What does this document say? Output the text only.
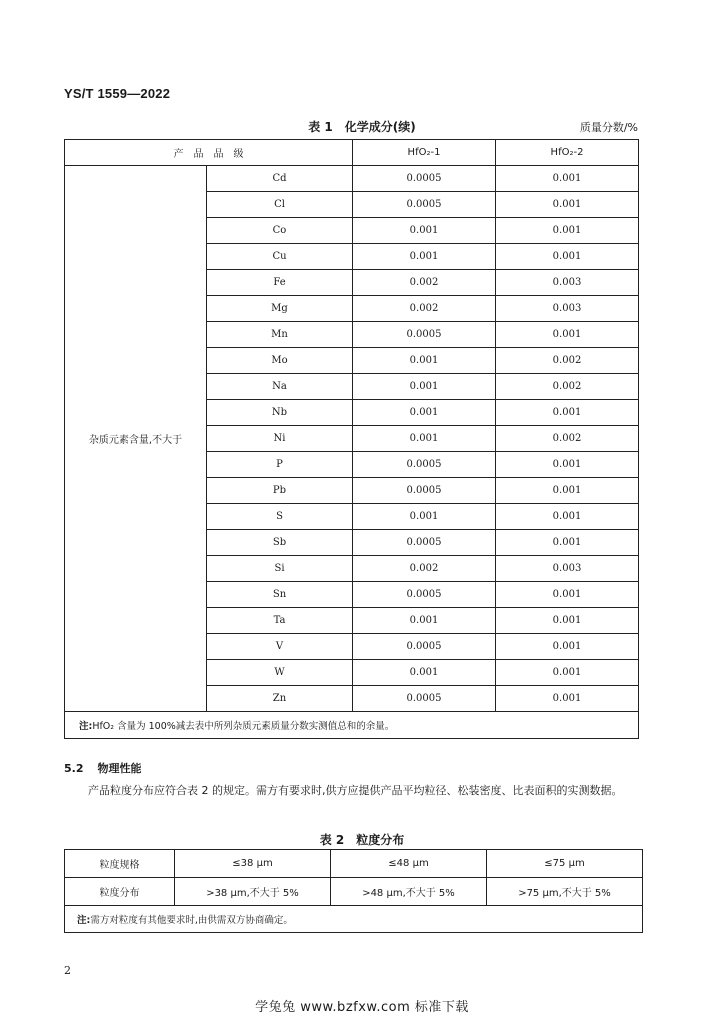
YS/T 1559—2022
表 1　化学成分(续)	质量分数/%
产　品　品　级		HfO₂-1	HfO₂-2
杂质元素含量,不大于	Cd	0.0005	0.001
	Cl	0.0005	0.001
	Co	0.001	0.001
	Cu	0.001	0.001
	Fe	0.002	0.003
	Mg	0.002	0.003
	Mn	0.0005	0.001
	Mo	0.001	0.002
	Na	0.001	0.002
	Nb	0.001	0.001
	Ni	0.001	0.002
	P	0.0005	0.001
	Pb	0.0005	0.001
	S	0.001	0.001
	Sb	0.0005	0.001
	Si	0.002	0.003
	Sn	0.0005	0.001
	Ta	0.001	0.001
	V	0.0005	0.001
	W	0.001	0.001
	Zn	0.0005	0.001
注:HfO₂ 含量为 100%减去表中所列杂质元素质量分数实测值总和的余量。			
5.2 物理性能
产品粒度分布应符合表 2 的规定。需方有要求时,供方应提供产品平均粒径、松装密度、比表面积的实测数据。
表 2　粒度分布
粒度规格	≤38 μm	≤48 μm	≤75 μm
粒度分布	>38 μm,不大于 5%	>48 μm,不大于 5%	>75 μm,不大于 5%
注:需方对粒度有其他要求时,由供需双方协商确定。			
2
学兔兔 www.bzfxw.com 标准下载
